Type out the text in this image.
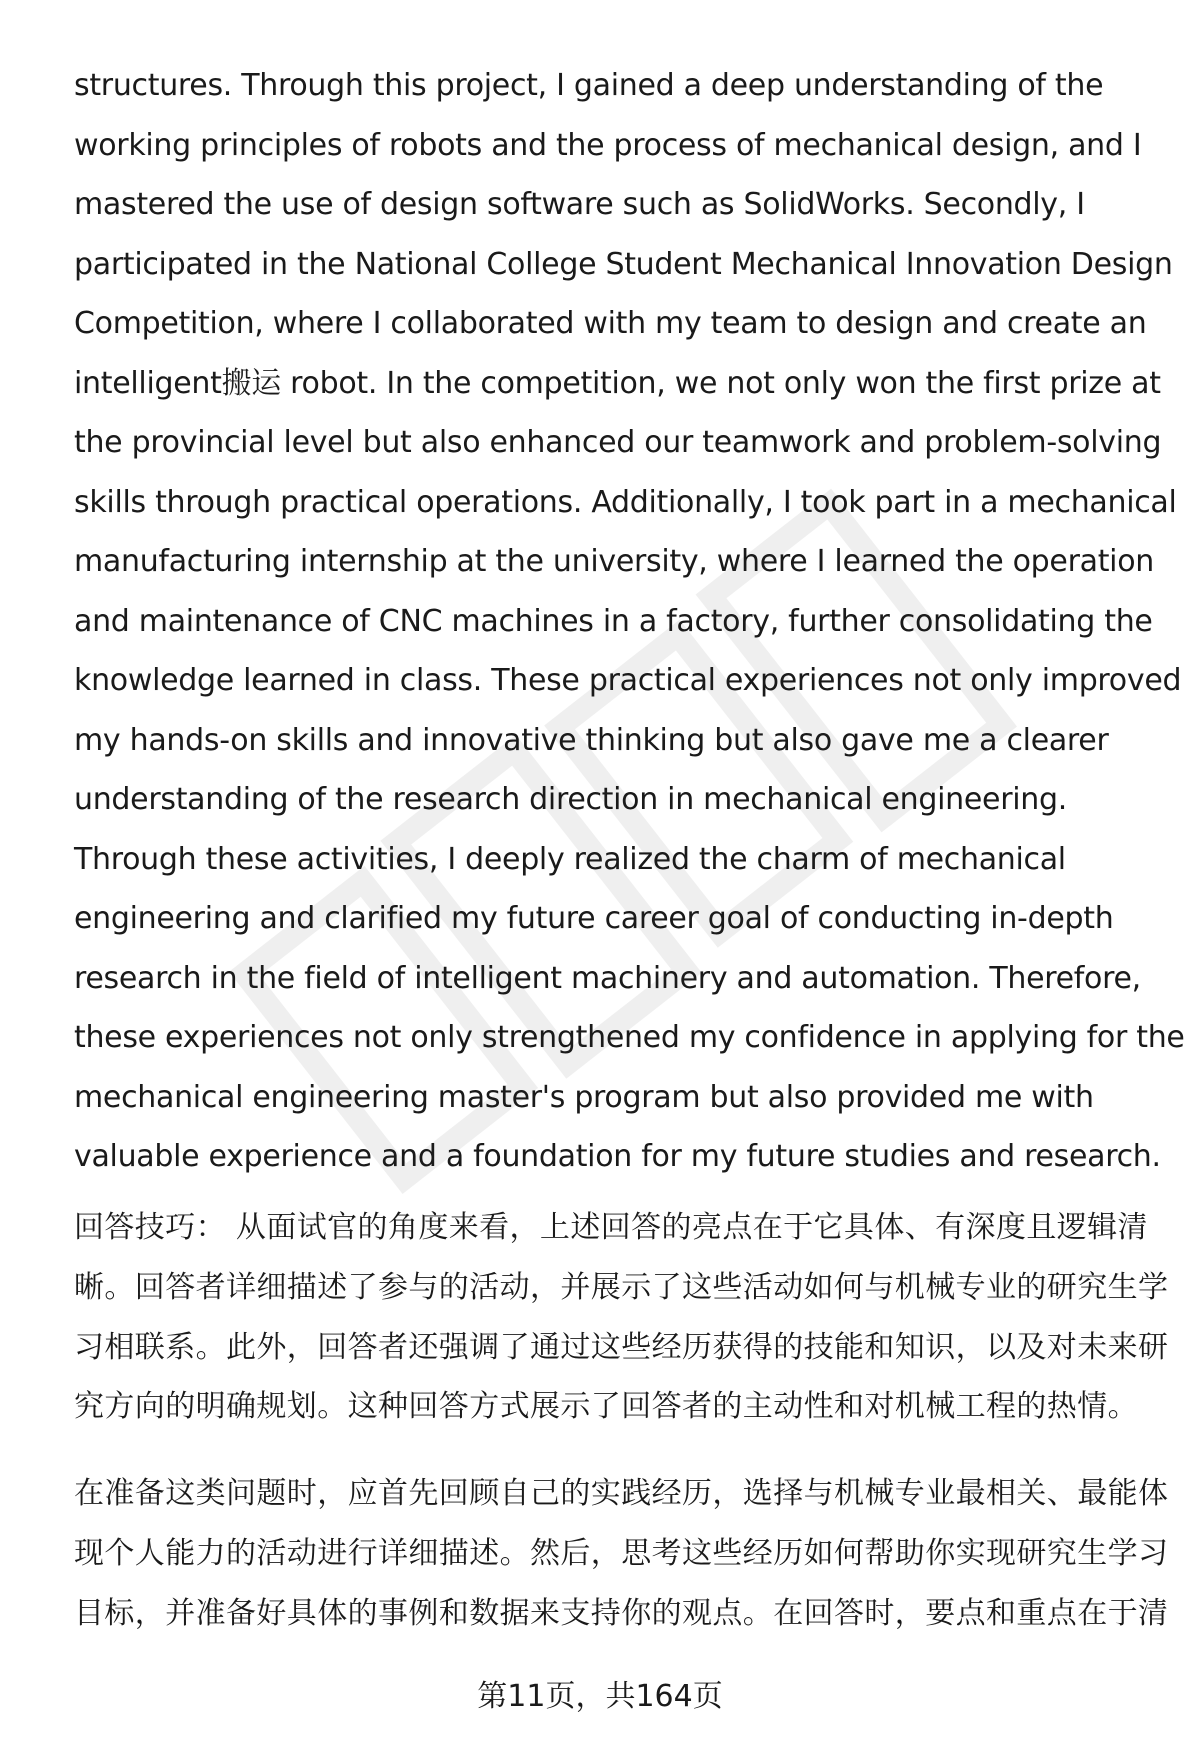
structures. Through this project, I gained a deep understanding of the
working principles of robots and the process of mechanical design, and I
mastered the use of design software such as SolidWorks. Secondly, I
participated in the National College Student Mechanical Innovation Design
Competition, where I collaborated with my team to design and create an
intelligent搬运 robot. In the competition, we not only won the first prize at
the provincial level but also enhanced our teamwork and problem-solving
skills through practical operations. Additionally, I took part in a mechanical
manufacturing internship at the university, where I learned the operation
and maintenance of CNC machines in a factory, further consolidating the
knowledge learned in class. These practical experiences not only improved
my hands-on skills and innovative thinking but also gave me a clearer
understanding of the research direction in mechanical engineering.
Through these activities, I deeply realized the charm of mechanical
engineering and clarified my future career goal of conducting in-depth
research in the field of intelligent machinery and automation. Therefore,
these experiences not only strengthened my confidence in applying for the
mechanical engineering master's program but also provided me with
valuable experience and a foundation for my future studies and research.
回答技巧： 从面试官的角度来看，上述回答的亮点在于它具体、有深度且逻辑清
晰。回答者详细描述了参与的活动，并展示了这些活动如何与机械专业的研究生学
习相联系。此外，回答者还强调了通过这些经历获得的技能和知识，以及对未来研
究方向的明确规划。这种回答方式展示了回答者的主动性和对机械工程的热情。
在准备这类问题时，应首先回顾自己的实践经历，选择与机械专业最相关、最能体
现个人能力的活动进行详细描述。然后，思考这些经历如何帮助你实现研究生学习
目标，并准备好具体的事例和数据来支持你的观点。在回答时，要点和重点在于清
第11页，共164页
